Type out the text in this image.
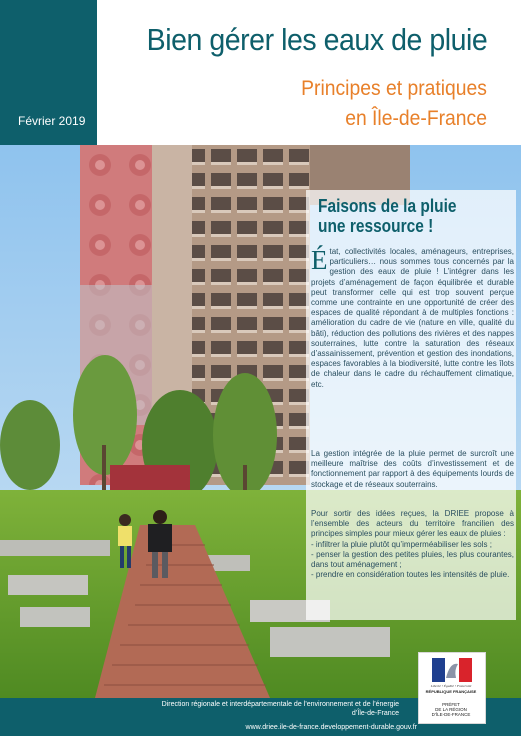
Février 2019
Bien gérer les eaux de pluie
Principes et pratiques
en Île-de-France
Faisons de la pluie
une ressource !

État, collectivités locales, aménageurs, entreprises, particuliers… nous sommes tous concernés par la gestion des eaux de pluie ! L’intégrer dans les projets d’aménagement de façon équilibrée et durable peut transformer celle qui est trop souvent perçue comme une contrainte en une opportunité de créer des espaces de qualité répondant à de multiples fonctions : amélioration du cadre de vie (nature en ville, qualité du bâti), réduction des pollutions des rivières et des nappes souterraines, lutte contre la saturation des réseaux d’assainissement, prévention et gestion des inondations, espaces favorables à la biodiversité, lutte contre les îlots de chaleur dans le cadre du réchauffement climatique, etc.

La gestion intégrée de la pluie permet de surcroît une meilleure maîtrise des coûts d’investissement et de fonctionnement par rapport à des équipements lourds de stockage et de réseaux souterrains.

Pour sortir des idées reçues, la DRIEE propose à l’ensemble des acteurs du territoire francilien des principes simples pour mieux gérer les eaux de pluies :
- infiltrer la pluie plutôt qu’imperméabiliser les sols ;
- penser la gestion des petites pluies, les plus courantes, dans tout aménagement ;
- prendre en considération toutes les intensités de pluie.
Direction régionale et interdépartementale de l’environnement et de l’énergie
d’Île-de-France
www.driee.ile-de-france.developpement-durable.gouv.fr
Liberté • Égalité • Fraternité
RÉPUBLIQUE FRANÇAISE
PRÉFET
DE LA RÉGION
D’ÎLE-DE-FRANCE
